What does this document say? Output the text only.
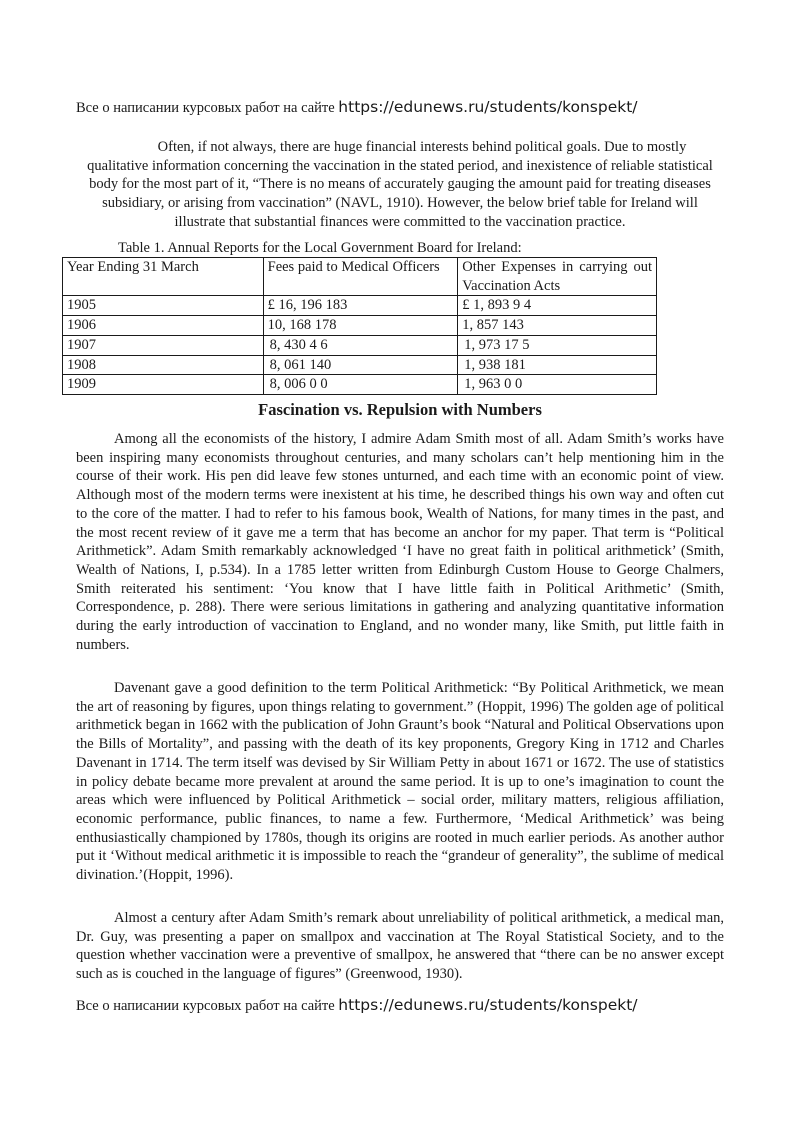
Все о написании курсовых работ на сайте https://edunews.ru/students/konspekt/

Often, if not always, there are huge financial interests behind political goals. Due to mostly
qualitative information concerning the vaccination in the stated period, and inexistence of reliable statistical body for the most part of it, “There is no means of accurately gauging the amount paid for treating diseases subsidiary, or arising from vaccination” (NAVL, 1910). However, the below brief table for Ireland will illustrate that substantial finances were committed to the vaccination practice.

Table 1. Annual Reports for the Local Government Board for Ireland:

Year Ending 31 March	Fees paid to Medical Officers	Other Expenses in carrying out Vaccination Acts
1905	£ 16, 196 183	£ 1, 893 9 4
1906	10, 168 178	1, 857 143
1907	8, 430 4 6	1, 973 17 5
1908	8, 061 140	1, 938 181
1909	8, 006 0 0	1, 963 0 0
Fascination vs. Repulsion with Numbers

Among all the economists of the history, I admire Adam Smith most of all. Adam Smith’s works have been inspiring many economists throughout centuries, and many scholars can’t help mentioning him in the course of their work. His pen did leave few stones unturned, and each time with an economic point of view. Although most of the modern terms were inexistent at his time, he described things his own way and often cut to the core of the matter. I had to refer to his famous book, Wealth of Nations, for many times in the past, and the most recent review of it gave me a term that has become an anchor for my paper. That term is “Political Arithmetick”. Adam Smith remarkably acknowledged ‘I have no great faith in political arithmetick’ (Smith, Wealth of Nations, I, p.534). In a 1785 letter written from Edinburgh Custom House to George Chalmers, Smith reiterated his sentiment: ‘You know that I have little faith in Political Arithmetic’ (Smith, Correspondence, p. 288). There were serious limitations in gathering and analyzing quantitative information during the early introduction of vaccination to England, and no wonder many, like Smith, put little faith in numbers.

Davenant gave a good definition to the term Political Arithmetick: “By Political Arithmetick, we mean the art of reasoning by figures, upon things relating to government.” (Hoppit, 1996) The golden age of political arithmetick began in 1662 with the publication of John Graunt’s book “Natural and Political Observations upon the Bills of Mortality”, and passing with the death of its key proponents, Gregory King in 1712 and Charles Davenant in 1714. The term itself was devised by Sir William Petty in about 1671 or 1672. The use of statistics in policy debate became more prevalent at around the same period. It is up to one’s imagination to count the areas which were influenced by Political Arithmetick – social order, military matters, religious affiliation, economic performance, public finances, to name a few. Furthermore, ‘Medical Arithmetick’ was being enthusiastically championed by 1780s, though its origins are rooted in much earlier periods. As another author put it ‘Without medical arithmetic it is impossible to reach the “grandeur of generality”, the sublime of medical divination.’(Hoppit, 1996).

Almost a century after Adam Smith’s remark about unreliability of political arithmetick, a medical man, Dr. Guy, was presenting a paper on smallpox and vaccination at The Royal Statistical Society, and to the question whether vaccination were a preventive of smallpox, he answered that “there can be no answer except such as is couched in the language of figures” (Greenwood, 1930).

Все о написании курсовых работ на сайте https://edunews.ru/students/konspekt/
